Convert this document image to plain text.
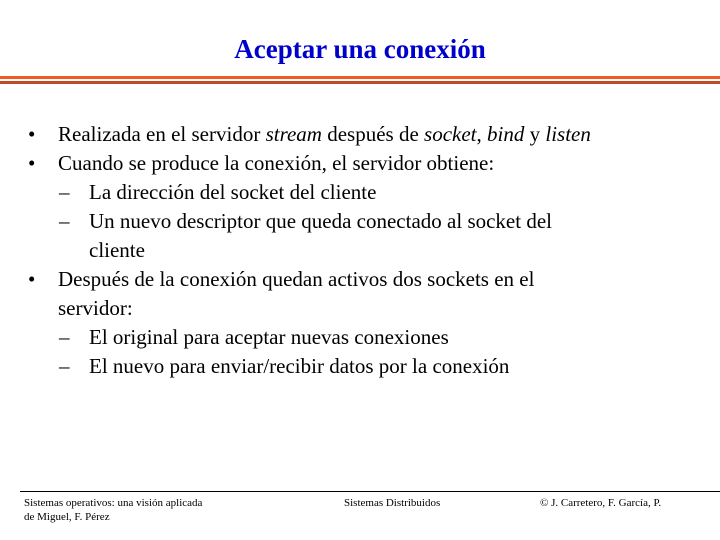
Aceptar una conexión
• Realizada en el servidor stream después de socket, bind y listen
• Cuando se produce la conexión, el servidor obtiene:
– La dirección del socket del cliente
– Un nuevo descriptor que queda conectado al socket del
cliente
• Después de la conexión quedan activos dos sockets en el
servidor:
– El original para aceptar nuevas conexiones
– El nuevo para enviar/recibir datos por la conexión
Sistemas operativos: una visión aplicada
de Miguel, F. Pérez
Sistemas Distribuidos	© J. Carretero, F. García, P.
